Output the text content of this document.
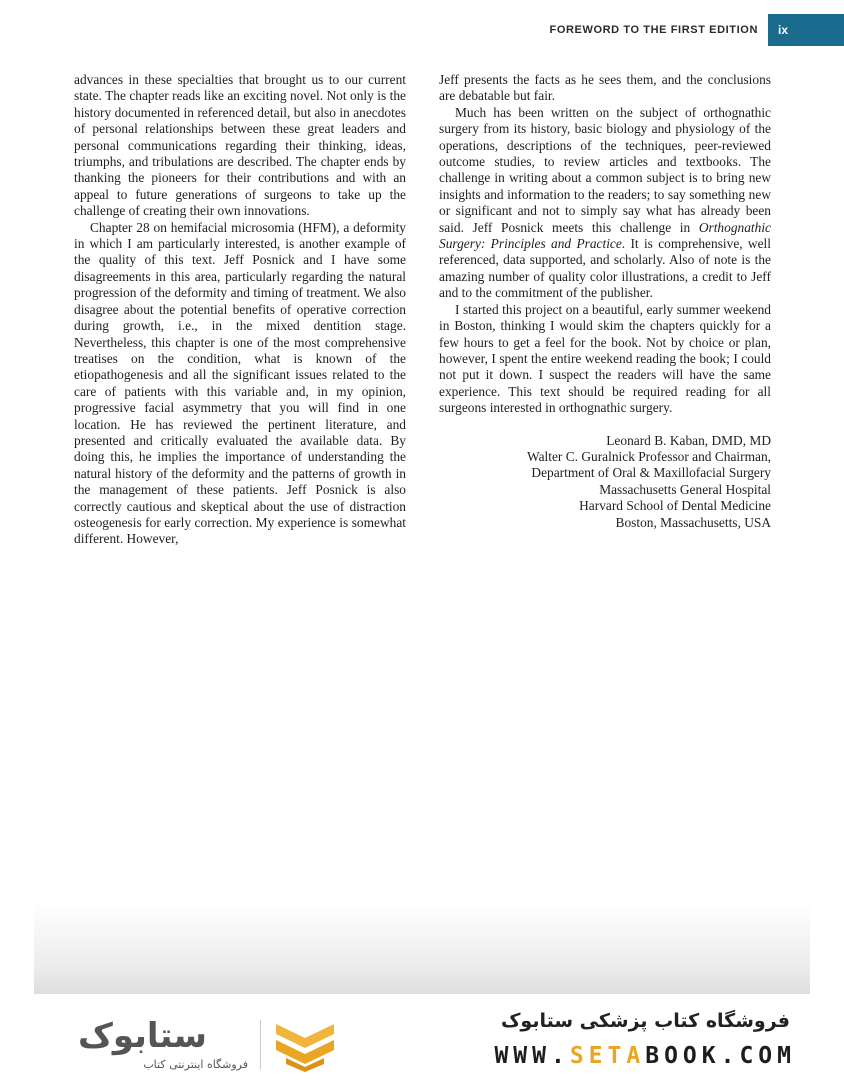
FOREWORD TO THE FIRST EDITION	ix

advances in these specialties that brought us to our current state. The chapter reads like an exciting novel. Not only is the history documented in referenced detail, but also in anecdotes of personal relationships between these great leaders and personal communications regarding their thinking, ideas, triumphs, and tribulations are described. The chapter ends by thanking the pioneers for their contributions and with an appeal to future generations of surgeons to take up the challenge of creating their own innovations.

Chapter 28 on hemifacial microsomia (HFM), a deformity in which I am particularly interested, is another example of the quality of this text. Jeff Posnick and I have some disagreements in this area, particularly regarding the natural progression of the deformity and timing of treatment. We also disagree about the potential benefits of operative correction during growth, i.e., in the mixed dentition stage. Nevertheless, this chapter is one of the most comprehensive treatises on the condition, what is known of the etiopathogenesis and all the significant issues related to the care of patients with this variable and, in my opinion, progressive facial asymmetry that you will find in one location. He has reviewed the pertinent literature, and presented and critically evaluated the available data. By doing this, he implies the importance of understanding the natural history of the deformity and the patterns of growth in the management of these patients. Jeff Posnick is also correctly cautious and skeptical about the use of distraction osteogenesis for early correction. My experience is somewhat different. However,

Jeff presents the facts as he sees them, and the conclusions are debatable but fair.

Much has been written on the subject of orthognathic surgery from its history, basic biology and physiology of the operations, descriptions of the techniques, peer-reviewed outcome studies, to review articles and textbooks. The challenge in writing about a common subject is to bring new insights and information to the readers; to say something new or significant and not to simply say what has already been said. Jeff Posnick meets this challenge in Orthognathic Surgery: Principles and Practice. It is comprehensive, well referenced, data supported, and scholarly. Also of note is the amazing number of quality color illustrations, a credit to Jeff and to the commitment of the publisher.

I started this project on a beautiful, early summer weekend in Boston, thinking I would skim the chapters quickly for a few hours to get a feel for the book. Not by choice or plan, however, I spent the entire weekend reading the book; I could not put it down. I suspect the readers will have the same experience. This text should be required reading for all surgeons interested in orthognathic surgery.

Leonard B. Kaban, DMD, MD
Walter C. Guralnick Professor and Chairman,
Department of Oral & Maxillofacial Surgery
Massachusetts General Hospital
Harvard School of Dental Medicine
Boston, Massachusetts, USA
ستابوک
فروشگاه اینترنتی کتاب
فروشگاه کتاب پزشکی ستابوک
WWW.SETABOOK.COM
